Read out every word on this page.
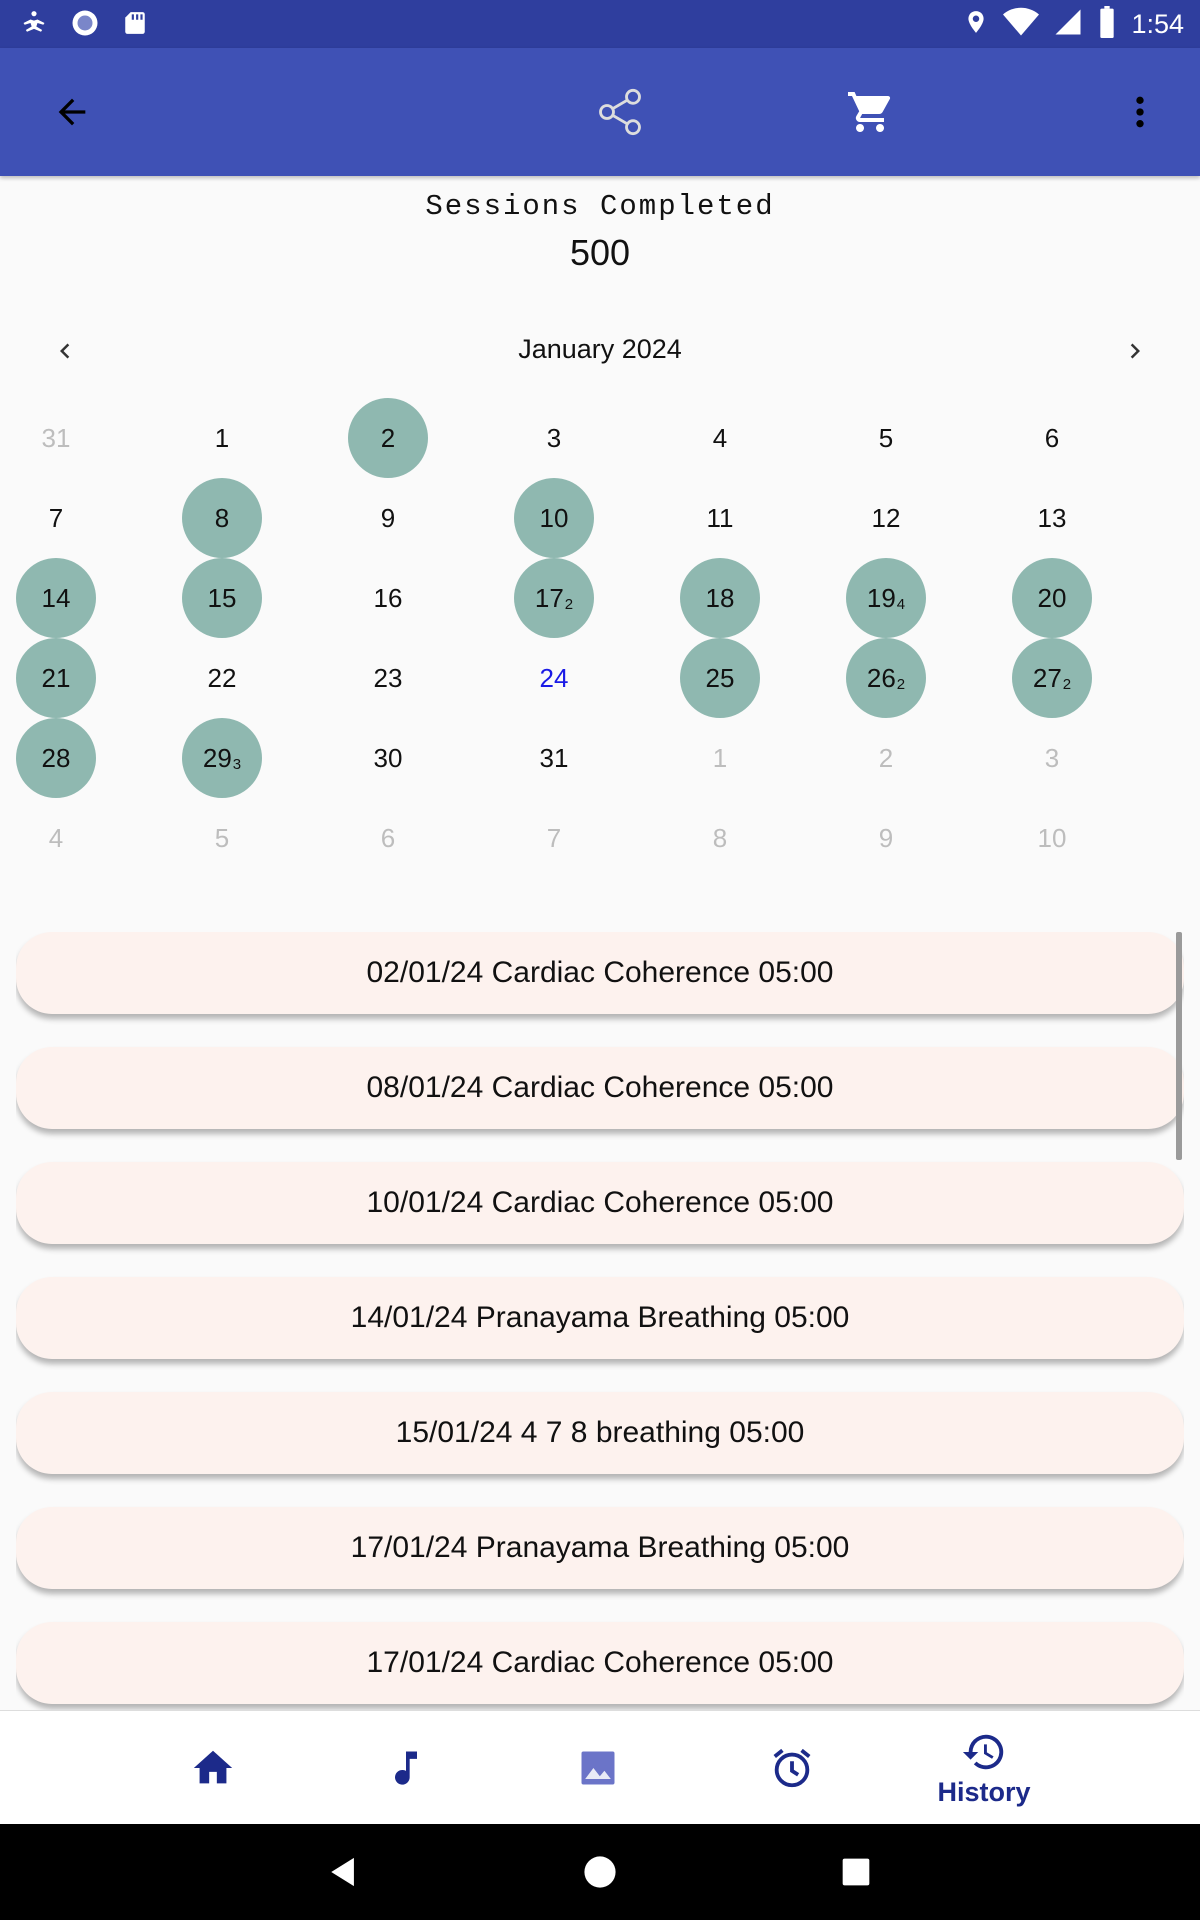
1:54
Sessions Completed
500
January 2024
31	1	2	3	4	5	6
7	8	9	10	11	12	13
14	15	16	$17_2$	18	$19_4$	20
21	22	23	24	25	$26_2$	$27_2$
28	$29_3$	30	31	1	2	3
4	5	6	7	8	9	10
02/01/24 Cardiac Coherence 05:00
08/01/24 Cardiac Coherence 05:00
10/01/24 Cardiac Coherence 05:00
14/01/24 Pranayama Breathing 05:00
15/01/24 4 7 8 breathing 05:00
17/01/24 Pranayama Breathing 05:00
17/01/24 Cardiac Coherence 05:00
History
